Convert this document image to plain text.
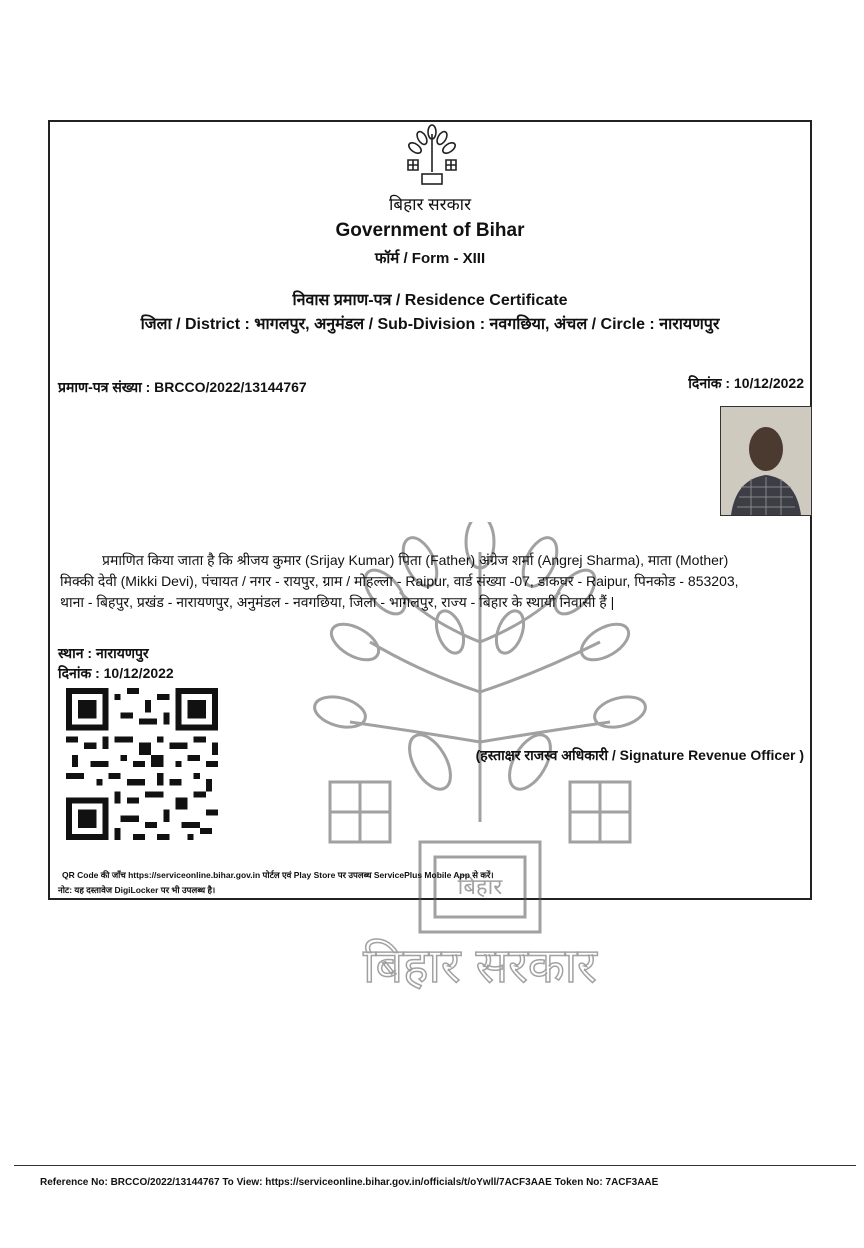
बिहार
बिहार सरकार
बिहार सरकार
Government of Bihar
फॉर्म / Form - XIII
निवास प्रमाण-पत्र / Residence Certificate
जिला / District : भागलपुर, अनुमंडल / Sub-Division : नवगछिया, अंचल / Circle : नारायणपुर
प्रमाण-पत्र संख्या : BRCCO/2022/13144767	दिनांक : 10/12/2022

प्रमाणित किया जाता है कि श्रीजय कुमार (Srijay Kumar) पिता (Father) अंग्रेज शर्मा (Angrej Sharma), माता (Mother)

मिक्की देवी (Mikki Devi), पंचायत / नगर - रायपुर, ग्राम / मोहल्ला - Raipur, वार्ड संख्या -07, डाकघर - Raipur, पिनकोड - 853203,

थाना - बिहपुर, प्रखंड - नारायणपुर, अनुमंडल - नवगछिया, जिला - भागलपुर, राज्य - बिहार के स्थायी निवासी हैं |

स्थान : नारायणपुर
दिनांक : 10/12/2022
(हस्ताक्षर राजस्व अधिकारी / Signature Revenue Officer )
QR Code की जाँच https://serviceonline.bihar.gov.in पोर्टल एवं Play Store पर उपलब्ध ServicePlus Mobile App से करें।
नोट: यह दस्तावेज DigiLocker पर भी उपलब्ध है।
Reference No: BRCCO/2022/13144767 To View: https://serviceonline.bihar.gov.in/officials/t/oYwll/7ACF3AAE Token No: 7ACF3AAE
